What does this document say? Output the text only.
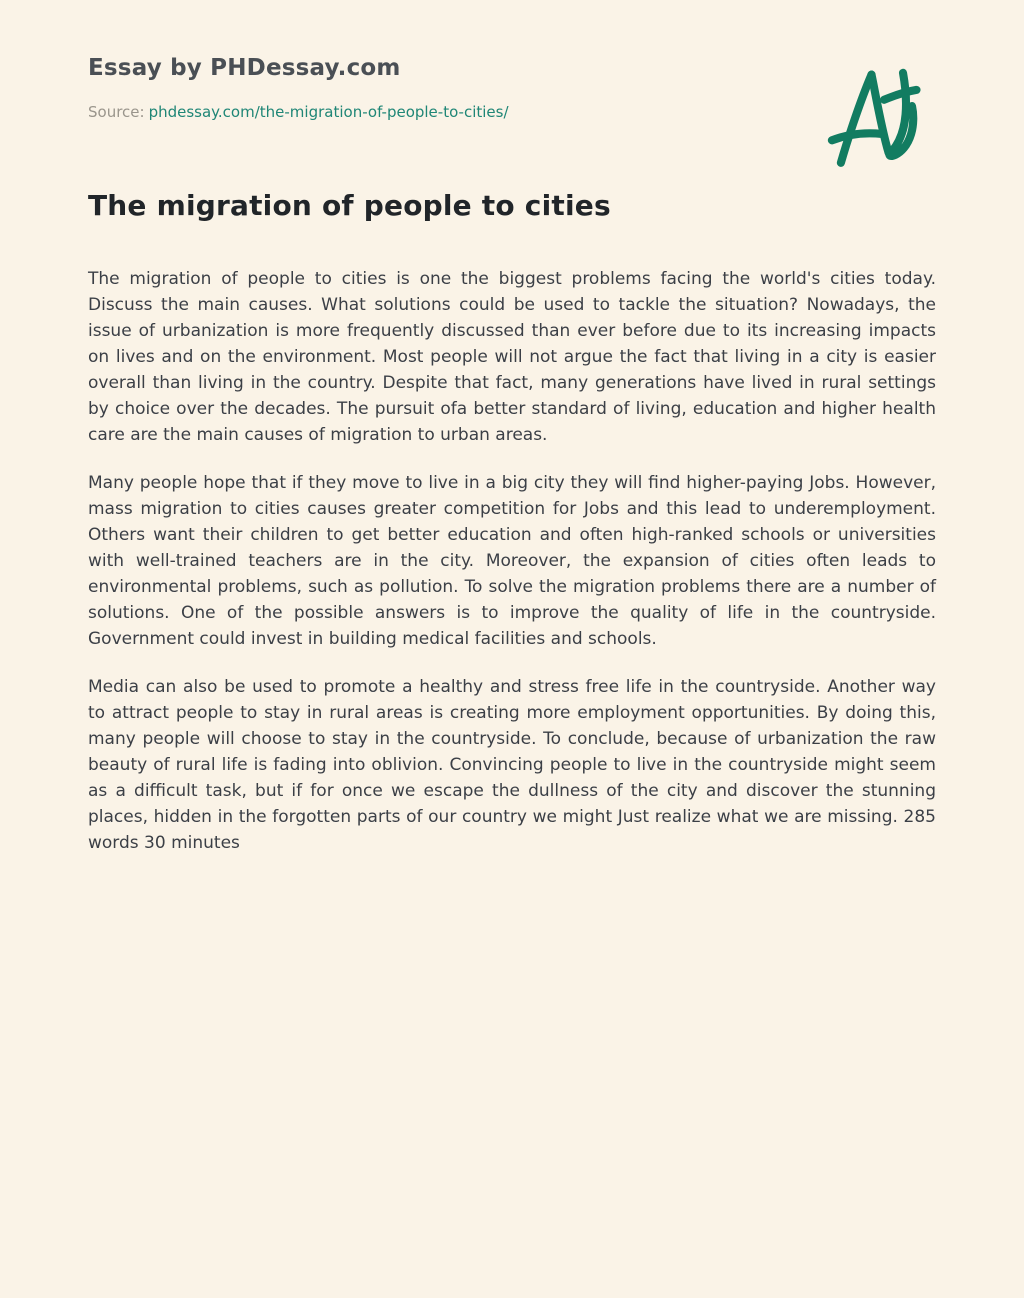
Essay by PHDessay.com
Source: phdessay.com/the-migration-of-people-to-cities/
The migration of people to cities

The migration of people to cities is one the biggest problems facing the world's cities today. Discuss the main causes. What solutions could be used to tackle the situation? Nowadays, the issue of urbanization is more frequently discussed than ever before due to its increasing impacts on lives and on the environment. Most people will not argue the fact that living in a city is easier overall than living in the country. Despite that fact, many generations have lived in rural settings by choice over the decades. The pursuit ofa better standard of living, education and higher health care are the main causes of migration to urban areas.

Many people hope that if they move to live in a big city they will find higher-paying Jobs. However, mass migration to cities causes greater competition for Jobs and this lead to underemployment. Others want their children to get better education and often high-ranked schools or universities with well-trained teachers are in the city. Moreover, the expansion of cities often leads to environmental problems, such as pollution. To solve the migration problems there are a number of solutions. One of the possible answers is to improve the quality of life in the countryside. Government could invest in building medical facilities and schools.

Media can also be used to promote a healthy and stress free life in the countryside. Another way to attract people to stay in rural areas is creating more employment opportunities. By doing this, many people will choose to stay in the countryside. To conclude, because of urbanization the raw beauty of rural life is fading into oblivion. Convincing people to live in the countryside might seem as a difficult task, but if for once we escape the dullness of the city and discover the stunning places, hidden in the forgotten parts of our country we might Just realize what we are missing. 285 words 30 minutes
